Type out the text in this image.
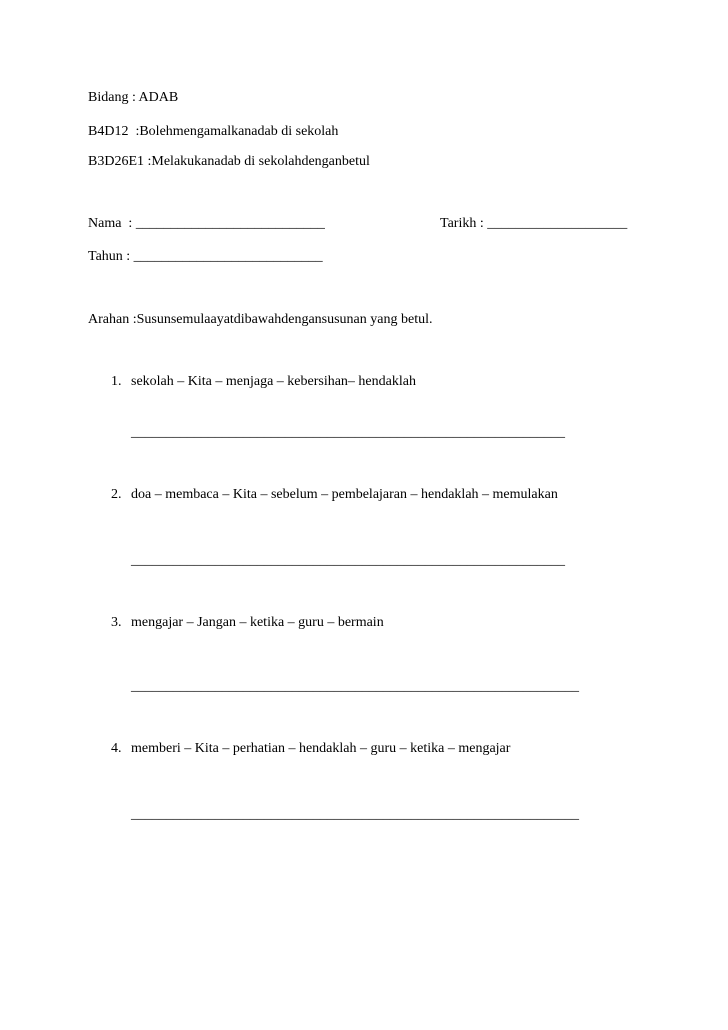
Bidang : ADAB
B4D12  :Bolehmengamalkanadab di sekolah
B3D26E1 :Melakukanadab di sekolahdenganbetul
Nama  : ___________________________	Tarikh : ____________________
Tahun : ___________________________
Arahan :Susunsemulaayatdibawahdengansusunan yang betul.
1. sekolah – Kita – menjaga – kebersihan– hendaklah
______________________________________________________________
2. doa – membaca – Kita – sebelum – pembelajaran – hendaklah – memulakan
______________________________________________________________
3. mengajar – Jangan – ketika – guru – bermain
________________________________________________________________
4. memberi – Kita – perhatian – hendaklah – guru – ketika – mengajar
________________________________________________________________
